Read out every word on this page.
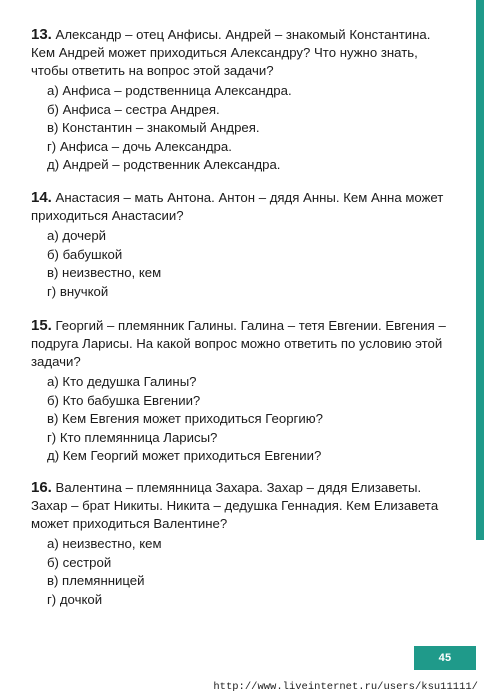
13. Александр – отец Анфисы. Андрей – знакомый Константина. Кем Андрей может приходиться Александру? Что нужно знать, чтобы ответить на вопрос этой задачи?

а) Анфиса – родственница Александра.
б) Анфиса – сестра Андрея.
в) Константин – знакомый Андрея.
г) Анфиса – дочь Александра.
д) Андрей – родственник Александра.

14. Анастасия – мать Антона. Антон – дядя Анны. Кем Анна может приходиться Анастасии?

а) дочерй
б) бабушкой
в) неизвестно, кем
г) внучкой

15. Георгий – племянник Галины. Галина – тетя Евгении. Евгения – подруга Ларисы. На какой вопрос можно ответить по условию этой задачи?

а) Кто дедушка Галины?
б) Кто бабушка Евгении?
в) Кем Евгения может приходиться Георгию?
г) Кто племянница Ларисы?
д) Кем Георгий может приходиться Евгении?

16. Валентина – племянница Захара. Захар – дядя Елизаветы. Захар – брат Никиты. Никита – дедушка Геннадия. Кем Елизавета может приходиться Валентине?

а) неизвестно, кем
б) сестрой
в) племянницей
г) дочкой
45
http://www.liveinternet.ru/users/ksu11111/
